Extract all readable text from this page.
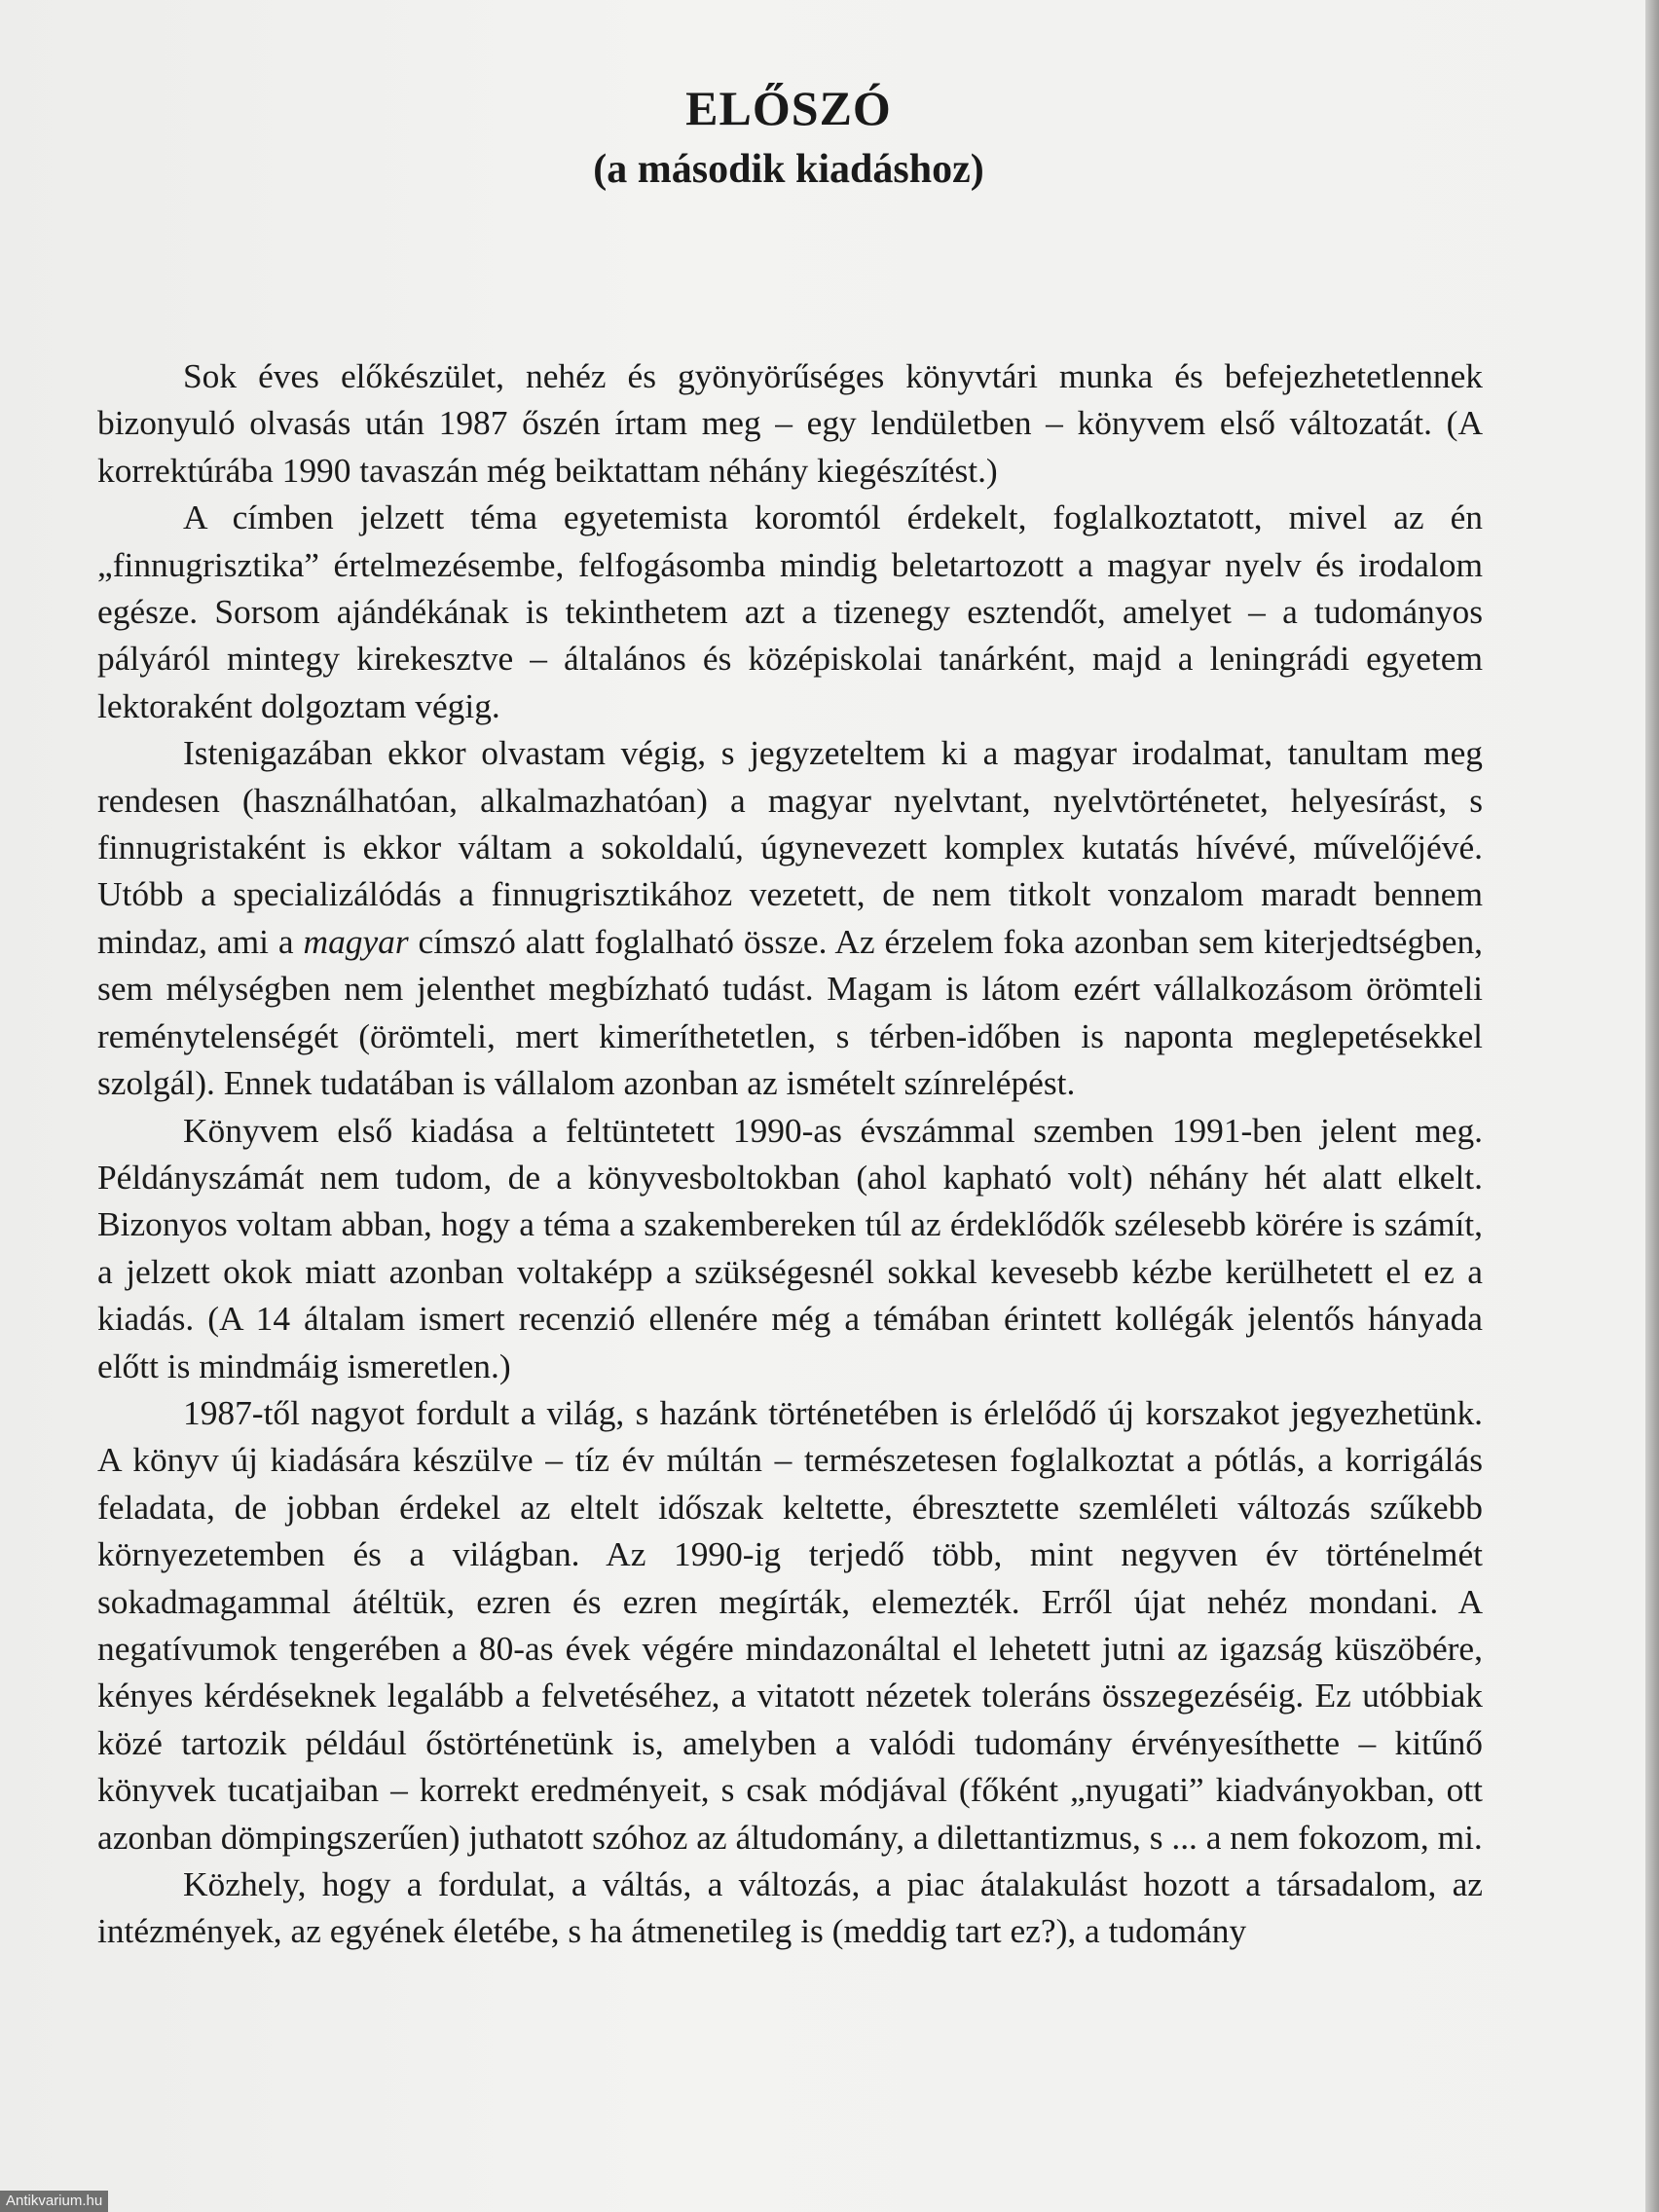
ELŐSZÓ
(a második kiadáshoz)

Sok éves előkészület, nehéz és gyönyörűséges könyvtári munka és befejezhetetlennek bizonyuló olvasás után 1987 őszén írtam meg – egy lendületben – könyvem első változatát. (A korrektúrába 1990 tavaszán még beiktattam néhány kiegészítést.)

A címben jelzett téma egyetemista koromtól érdekelt, foglalkoztatott, mivel az én „finnugrisztika” értelmezésembe, felfogásomba mindig beletartozott a magyar nyelv és irodalom egésze. Sorsom ajándékának is tekinthetem azt a tizenegy esztendőt, amelyet – a tudományos pályáról mintegy kirekesztve – általános és középiskolai tanárként, majd a leningrádi egyetem lektoraként dolgoztam végig.

Istenigazában ekkor olvastam végig, s jegyzeteltem ki a magyar irodalmat, tanultam meg rendesen (használhatóan, alkalmazhatóan) a magyar nyelvtant, nyelvtörténetet, helyesírást, s finnugristaként is ekkor váltam a sokoldalú, úgynevezett komplex kutatás hívévé, művelőjévé. Utóbb a specializálódás a finnugrisztikához vezetett, de nem titkolt vonzalom maradt bennem mindaz, ami a magyar címszó alatt foglalható össze. Az érzelem foka azonban sem kiterjedtségben, sem mélységben nem jelenthet megbízható tudást. Magam is látom ezért vállalkozásom örömteli reménytelenségét (örömteli, mert kimeríthetetlen, s térben-időben is naponta meglepetésekkel szolgál). Ennek tudatában is vállalom azonban az ismételt színrelépést.

Könyvem első kiadása a feltüntetett 1990-as évszámmal szemben 1991-ben jelent meg. Példányszámát nem tudom, de a könyvesboltokban (ahol kapható volt) néhány hét alatt elkelt. Bizonyos voltam abban, hogy a téma a szakembereken túl az érdeklődők szélesebb körére is számít, a jelzett okok miatt azonban voltaképp a szükségesnél sokkal kevesebb kézbe kerülhetett el ez a kiadás. (A 14 általam ismert recenzió ellenére még a témában érintett kollégák jelentős hányada előtt is mindmáig ismeretlen.)

1987-től nagyot fordult a világ, s hazánk történetében is érlelődő új korszakot jegyezhetünk. A könyv új kiadására készülve – tíz év múltán – természetesen foglalkoztat a pótlás, a korrigálás feladata, de jobban érdekel az eltelt időszak keltette, ébresztette szemléleti változás szűkebb környezetemben és a világban. Az 1990-ig terjedő több, mint negyven év történelmét sokadmagammal átéltük, ezren és ezren megírták, elemezték. Erről újat nehéz mondani. A negatívumok tengerében a 80-as évek végére mindazonáltal el lehetett jutni az igazság küszöbére, kényes kérdéseknek legalább a felvetéséhez, a vitatott nézetek toleráns összegezéséig. Ez utóbbiak közé tartozik például őstörténetünk is, amelyben a valódi tudomány érvényesíthette – kitűnő könyvek tucatjaiban – korrekt eredményeit, s csak módjával (főként „nyugati” kiadványokban, ott azonban dömpingszerűen) juthatott szóhoz az áltudomány, a dilettantizmus, s ... a nem fokozom, mi.

Közhely, hogy a fordulat, a váltás, a változás, a piac átalakulást hozott a társadalom, az intézmények, az egyének életébe, s ha átmenetileg is (meddig tart ez?), a tudomány

Antikvarium.hu
